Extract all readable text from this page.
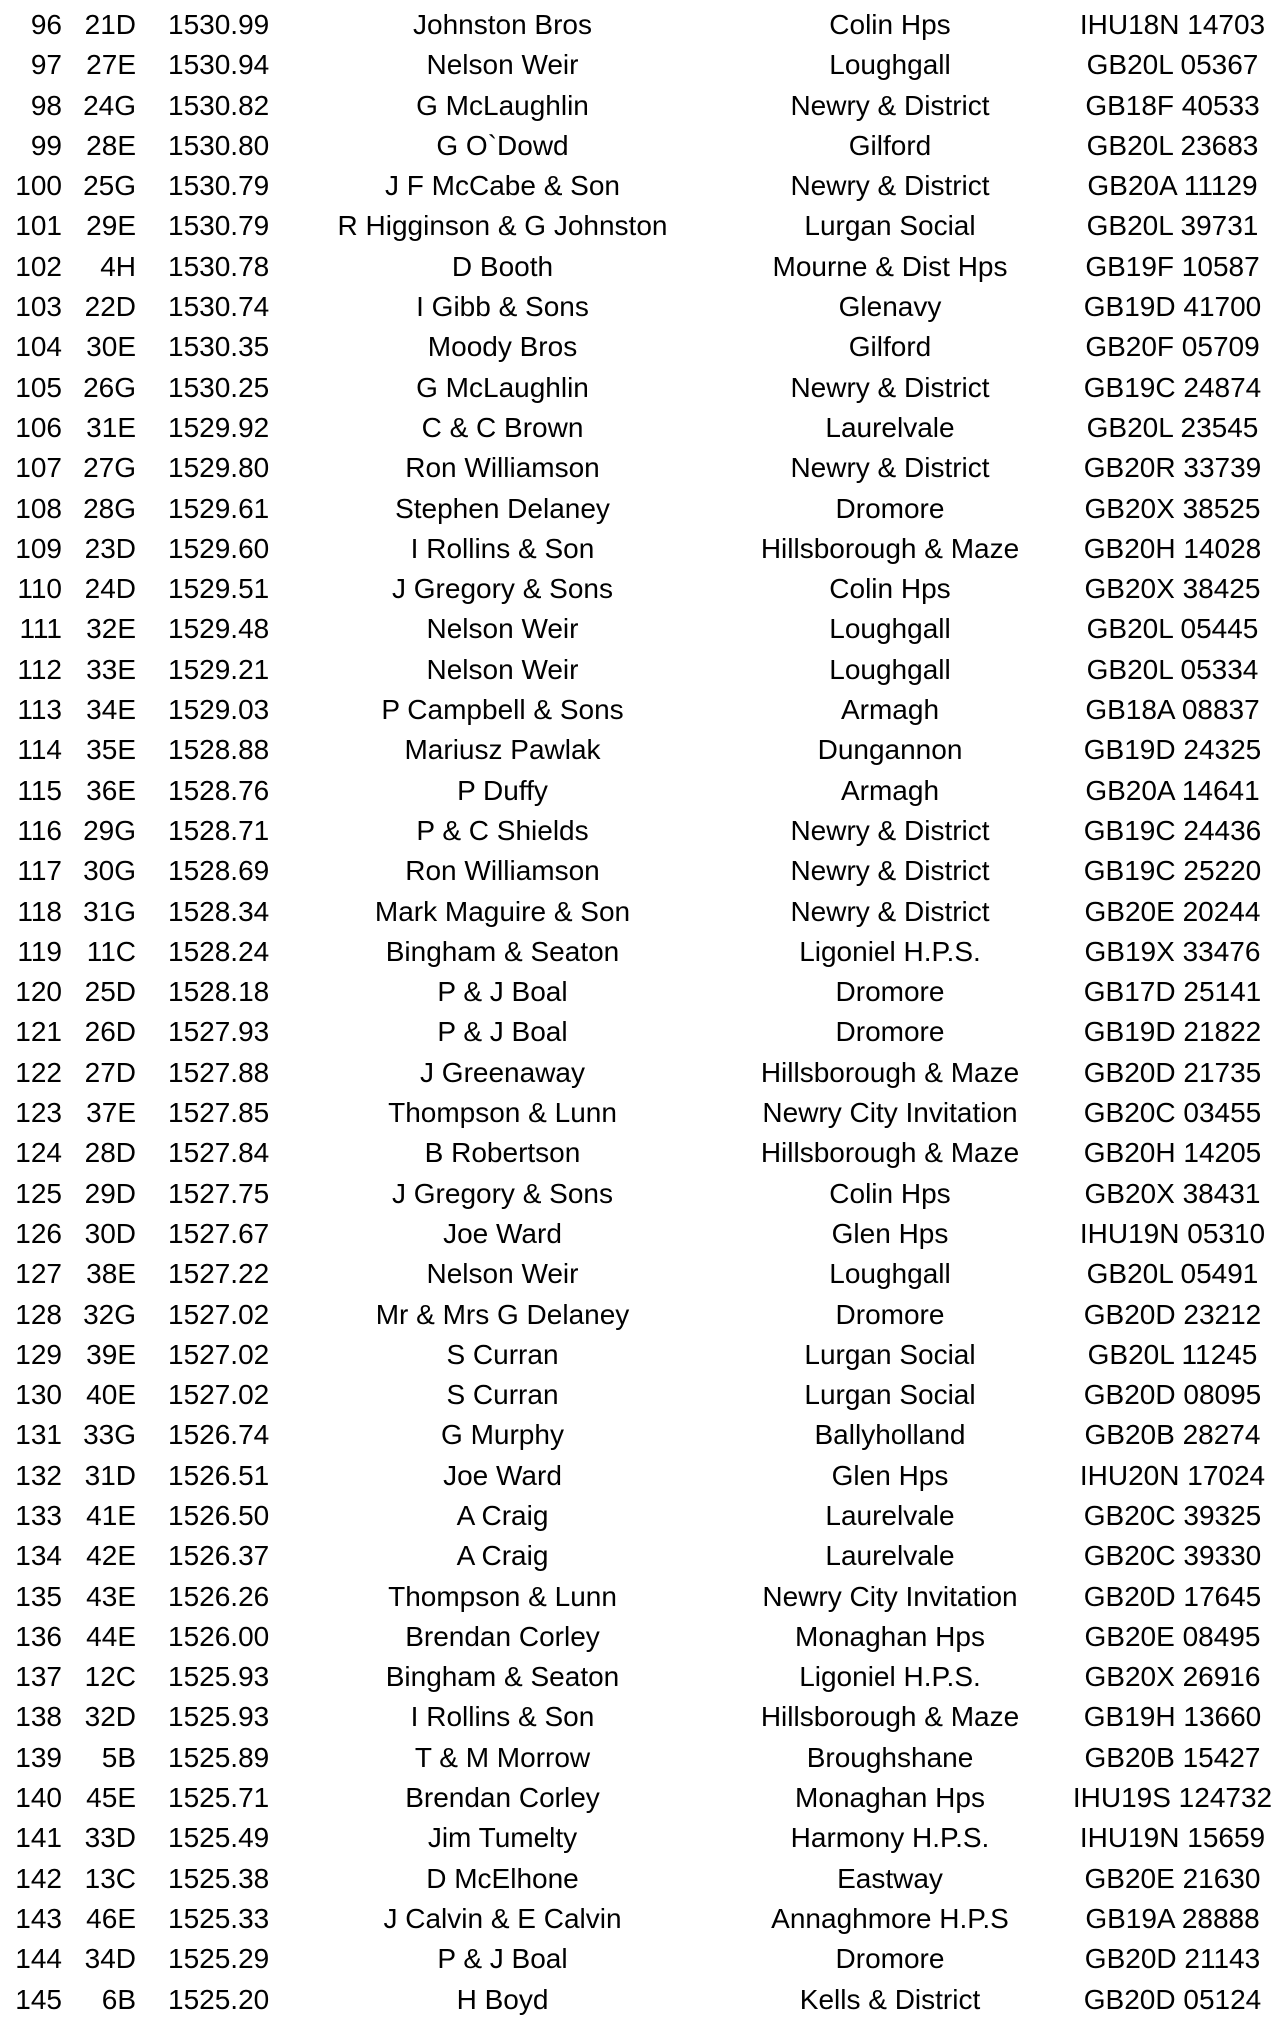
96 21D 1530.99	Johnston Bros	Colin Hps	IHU18N 14703
97 27E 1530.94	Nelson Weir	Loughgall	GB20L 05367
98 24G 1530.82	G McLaughlin	Newry & District	GB18F 40533
99 28E 1530.80	G O`Dowd	Gilford	GB20L 23683
100 25G 1530.79	J F McCabe & Son	Newry & District	GB20A 11129
101 29E 1530.79	R Higginson & G Johnston	Lurgan Social	GB20L 39731
102	4H 1530.78	D Booth	Mourne & Dist Hps	GB19F 10587
103 22D 1530.74	I Gibb & Sons	Glenavy	GB19D 41700
104 30E 1530.35	Moody Bros	Gilford	GB20F 05709
105 26G 1530.25	G McLaughlin	Newry & District	GB19C 24874
106 31E 1529.92	C & C Brown	Laurelvale	GB20L 23545
107 27G 1529.80	Ron Williamson	Newry & District	GB20R 33739
108 28G 1529.61	Stephen Delaney	Dromore	GB20X 38525
109 23D 1529.60	I Rollins & Son	Hillsborough & Maze	GB20H 14028
110 24D 1529.51	J Gregory & Sons	Colin Hps	GB20X 38425
111 32E 1529.48	Nelson Weir	Loughgall	GB20L 05445
112 33E 1529.21	Nelson Weir	Loughgall	GB20L 05334
113 34E 1529.03	P Campbell & Sons	Armagh	GB18A 08837
114 35E 1528.88	Mariusz Pawlak	Dungannon	GB19D 24325
115 36E 1528.76	P Duffy	Armagh	GB20A 14641
116 29G 1528.71	P & C Shields	Newry & District	GB19C 24436
117 30G 1528.69	Ron Williamson	Newry & District	GB19C 25220
118 31G 1528.34	Mark Maguire & Son	Newry & District	GB20E 20244
119 11C 1528.24	Bingham & Seaton	Ligoniel H.P.S.	GB19X 33476
120 25D 1528.18	P & J Boal	Dromore	GB17D 25141
121 26D 1527.93	P & J Boal	Dromore	GB19D 21822
122 27D 1527.88	J Greenaway	Hillsborough & Maze	GB20D 21735
123 37E 1527.85	Thompson & Lunn	Newry City Invitation	GB20C 03455
124 28D 1527.84	B Robertson	Hillsborough & Maze	GB20H 14205
125 29D 1527.75	J Gregory & Sons	Colin Hps	GB20X 38431
126 30D 1527.67	Joe Ward	Glen Hps	IHU19N 05310
127 38E 1527.22	Nelson Weir	Loughgall	GB20L 05491
128 32G 1527.02	Mr & Mrs G Delaney	Dromore	GB20D 23212
129 39E 1527.02	S Curran	Lurgan Social	GB20L 11245
130 40E 1527.02	S Curran	Lurgan Social	GB20D 08095
131 33G 1526.74	G Murphy	Ballyholland	GB20B 28274
132 31D 1526.51	Joe Ward	Glen Hps	IHU20N 17024
133 41E 1526.50	A Craig	Laurelvale	GB20C 39325
134 42E 1526.37	A Craig	Laurelvale	GB20C 39330
135 43E 1526.26	Thompson & Lunn	Newry City Invitation	GB20D 17645
136 44E 1526.00	Brendan Corley	Monaghan Hps	GB20E 08495
137 12C 1525.93	Bingham & Seaton	Ligoniel H.P.S.	GB20X 26916
138 32D 1525.93	I Rollins & Son	Hillsborough & Maze	GB19H 13660
139	5B 1525.89	T & M Morrow	Broughshane	GB20B 15427
140 45E 1525.71	Brendan Corley	Monaghan Hps	IHU19S 124732
141 33D 1525.49	Jim Tumelty	Harmony H.P.S.	IHU19N 15659
142 13C 1525.38	D McElhone	Eastway	GB20E 21630
143 46E 1525.33	J Calvin & E Calvin	Annaghmore H.P.S	GB19A 28888
144 34D 1525.29	P & J Boal	Dromore	GB20D 21143
145	6B 1525.20	H Boyd	Kells & District	GB20D 05124
